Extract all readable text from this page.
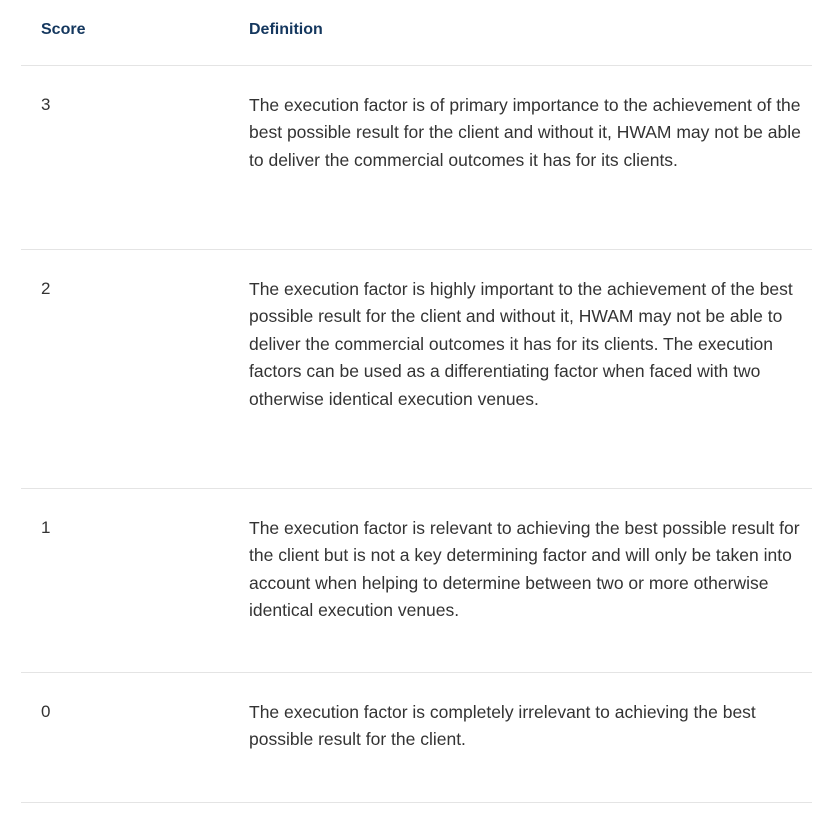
Score	Definition
3	The execution factor is of primary importance to the achievement of the best possible result for the client and without it, HWAM may not be able to deliver the commercial outcomes it has for its clients.

2	The execution factor is highly important to the achievement of the best possible result for the client and without it, HWAM may not be able to deliver the commercial outcomes it has for its clients. The execution factors can be used as a differentiating factor when faced with two otherwise identical execution venues.

1	The execution factor is relevant to achieving the best possible result for the client but is not a key determining factor and will only be taken into account when helping to determine between two or more otherwise identical execution venues.

0	The execution factor is completely irrelevant to achieving the best possible result for the client.
